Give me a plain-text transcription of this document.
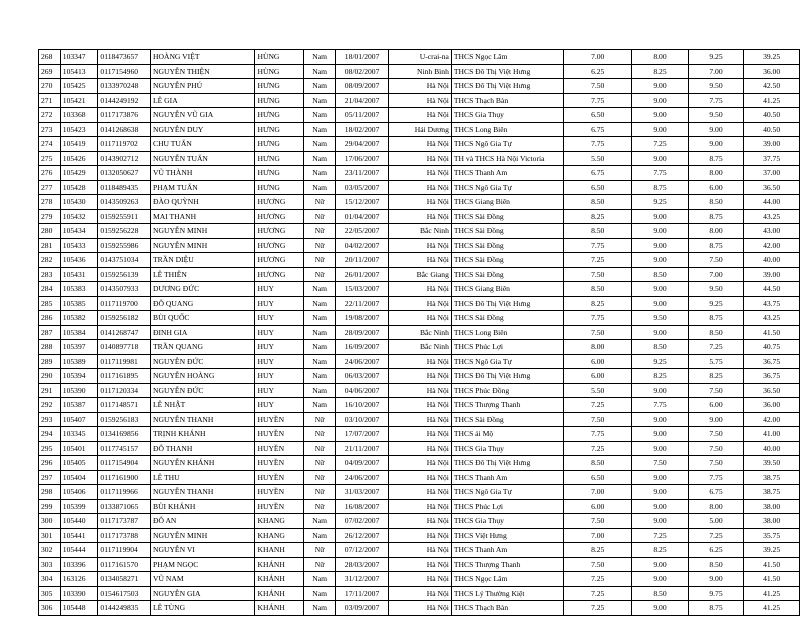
268	103347	0118473657	HOÀNG VIỆT	HÙNG	Nam	18/01/2007	U-crai-na	THCS Ngọc Lâm	7.00	8.00	9.25	39.25
269	105413	0117154960	NGUYỄN THIỆN	HÙNG	Nam	08/02/2007	Ninh Bình	THCS Đô Thị Việt Hưng	6.25	8.25	7.00	36.00
270	105425	0133970248	NGUYỄN PHÚ	HƯNG	Nam	08/09/2007	Hà Nội	THCS Đô Thị Việt Hưng	7.50	9.00	9.50	42.50
271	105421	0144249192	LÊ GIA	HƯNG	Nam	21/04/2007	Hà Nội	THCS Thạch Bàn	7.75	9.00	7.75	41.25
272	103368	0117173876	NGUYỄN VŨ GIA	HƯNG	Nam	05/11/2007	Hà Nội	THCS Gia Thụy	6.50	9.00	9.50	40.50
273	105423	0141268638	NGUYỄN DUY	HƯNG	Nam	18/02/2007	Hải Dương	THCS Long Biên	6.75	9.00	9.00	40.50
274	105419	0117119702	CHU TUẤN	HƯNG	Nam	29/04/2007	Hà Nội	THCS Ngô Gia Tự	7.75	7.25	9.00	39.00
275	105426	0143902712	NGUYỄN TUẤN	HƯNG	Nam	17/06/2007	Hà Nội	TH và THCS Hà Nội Victoria	5.50	9.00	8.75	37.75
276	105429	0132050627	VŨ THÀNH	HƯNG	Nam	23/11/2007	Hà Nội	THCS Thanh Am	6.75	7.75	8.00	37.00
277	105428	0118489435	PHẠM TUẤN	HƯNG	Nam	03/05/2007	Hà Nội	THCS Ngô Gia Tự	6.50	8.75	6.00	36.50
278	105430	0143509263	ĐÀO QUỲNH	HƯƠNG	Nữ	15/12/2007	Hà Nội	THCS Giang Biên	8.50	9.25	8.50	44.00
279	105432	0159255911	MAI THANH	HƯƠNG	Nữ	01/04/2007	Hà Nội	THCS Sài Đồng	8.25	9.00	8.75	43.25
280	105434	0159256228	NGUYỄN MINH	HƯƠNG	Nữ	22/05/2007	Bắc Ninh	THCS Sài Đồng	8.50	9.00	8.00	43.00
281	105433	0159255986	NGUYỄN MINH	HƯƠNG	Nữ	04/02/2007	Hà Nội	THCS Sài Đồng	7.75	9.00	8.75	42.00
282	105436	0143751034	TRẦN DIỆU	HƯƠNG	Nữ	20/11/2007	Hà Nội	THCS Sài Đồng	7.25	9.00	7.50	40.00
283	105431	0159256139	LÊ THIÊN	HƯƠNG	Nữ	26/01/2007	Bắc Giang	THCS Sài Đồng	7.50	8.50	7.00	39.00
284	105383	0143507933	DƯƠNG ĐỨC	HUY	Nam	15/03/2007	Hà Nội	THCS Giang Biên	8.50	9.00	9.50	44.50
285	105385	0117119700	ĐỖ QUANG	HUY	Nam	22/11/2007	Hà Nội	THCS Đô Thị Việt Hưng	8.25	9.00	9.25	43.75
286	105382	0159256182	BÙI QUỐC	HUY	Nam	19/08/2007	Hà Nội	THCS Sài Đồng	7.75	9.50	8.75	43.25
287	105384	0141268747	ĐINH GIA	HUY	Nam	28/09/2007	Bắc Ninh	THCS Long Biên	7.50	9.00	8.50	41.50
288	105397	0140897718	TRẦN QUANG	HUY	Nam	16/09/2007	Bắc Ninh	THCS Phúc Lợi	8.00	8.50	7.25	40.75
289	105389	0117119981	NGUYỄN ĐỨC	HUY	Nam	24/06/2007	Hà Nội	THCS Ngô Gia Tự	6.00	9.25	5.75	36.75
290	105394	0117161895	NGUYỄN HOÀNG	HUY	Nam	06/03/2007	Hà Nội	THCS Đô Thị Việt Hưng	6.00	8.25	8.25	36.75
291	105390	0117120334	NGUYỄN ĐỨC	HUY	Nam	04/06/2007	Hà Nội	THCS Phúc Đồng	5.50	9.00	7.50	36.50
292	105387	0117148571	LÊ NHẬT	HUY	Nam	16/10/2007	Hà Nội	THCS Thượng Thanh	7.25	7.75	6.00	36.00
293	105407	0159256183	NGUYỄN THANH	HUYỀN	Nữ	03/10/2007	Hà Nội	THCS Sài Đồng	7.50	9.00	9.00	42.00
294	103345	0134169856	TRỊNH KHÁNH	HUYỀN	Nữ	17/07/2007	Hà Nội	THCS ái Mộ	7.75	9.00	7.50	41.00
295	105401	0117745157	ĐỖ THANH	HUYỀN	Nữ	21/11/2007	Hà Nội	THCS Gia Thụy	7.25	9.00	7.50	40.00
296	105405	0117154904	NGUYỄN KHÁNH	HUYỀN	Nữ	04/09/2007	Hà Nội	THCS Đô Thị Việt Hưng	8.50	7.50	7.50	39.50
297	105404	0117161900	LÊ THU	HUYỀN	Nữ	24/06/2007	Hà Nội	THCS Thanh Am	6.50	9.00	7.75	38.75
298	105406	0117119966	NGUYỄN THANH	HUYỀN	Nữ	31/03/2007	Hà Nội	THCS Ngô Gia Tự	7.00	9.00	6.75	38.75
299	105399	0133871065	BÙI KHÁNH	HUYỀN	Nữ	16/08/2007	Hà Nội	THCS Phúc Lợi	6.00	9.00	8.00	38.00
300	105440	0117173787	ĐỖ AN	KHANG	Nam	07/02/2007	Hà Nội	THCS Gia Thụy	7.50	9.00	5.00	38.00
301	105441	0117173788	NGUYỄN MINH	KHANG	Nam	26/12/2007	Hà Nội	THCS Việt Hưng	7.00	7.25	7.25	35.75
302	105444	0117119904	NGUYỄN VI	KHANH	Nữ	07/12/2007	Hà Nội	THCS Thanh Am	8.25	8.25	6.25	39.25
303	103396	0117161570	PHẠM NGỌC	KHÁNH	Nữ	28/03/2007	Hà Nội	THCS Thượng Thanh	7.50	9.00	8.50	41.50
304	163126	0134058271	VŨ NAM	KHÁNH	Nam	31/12/2007	Hà Nội	THCS Ngọc Lâm	7.25	9.00	9.00	41.50
305	103390	0154617503	NGUYỄN GIA	KHÁNH	Nam	17/11/2007	Hà Nội	THCS Lý Thường Kiệt	7.25	8.50	9.75	41.25
306	105448	0144249835	LÊ TÙNG	KHÁNH	Nam	03/09/2007	Hà Nội	THCS Thạch Bàn	7.25	9.00	8.75	41.25
